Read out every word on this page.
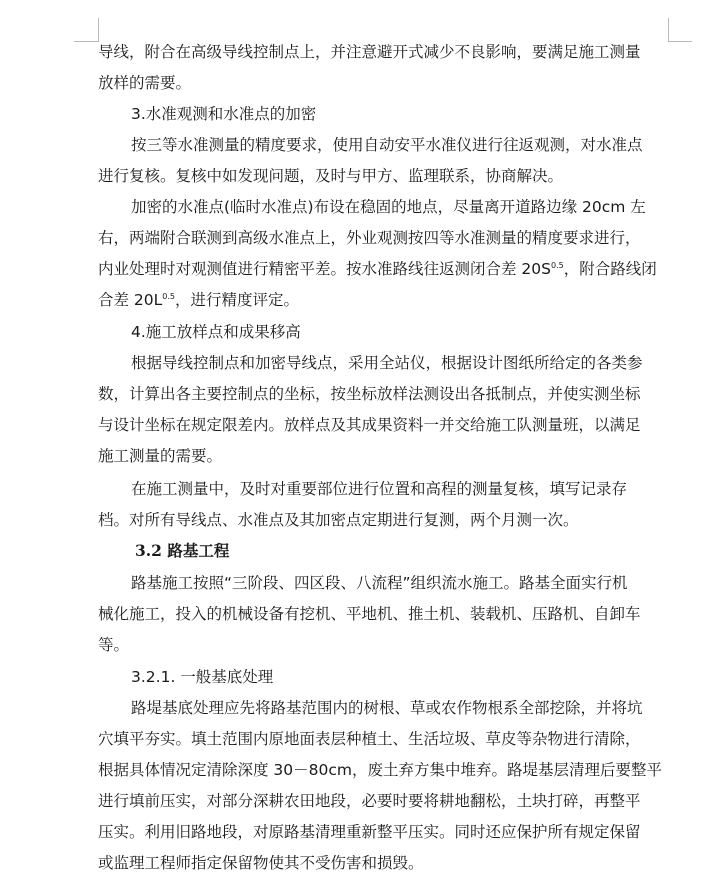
导线，附合在高级导线控制点上，并注意避开式减少不良影响，要满足施工测量
放样的需要。
3.水准观测和水准点的加密
按三等水准测量的精度要求，使用自动安平水准仪进行往返观测，对水准点
进行复核。复核中如发现问题，及时与甲方、监理联系，协商解决。
加密的水准点(临时水准点)布设在稳固的地点，尽量离开道路边缘 20cm 左
右，两端附合联测到高级水准点上，外业观测按四等水准测量的精度要求进行，
内业处理时对观测值进行精密平差。按水准路线往返测闭合差 $20S^{0.5}$，附合路线闭
合差 $20L^{0.5}$，进行精度评定。
4.施工放样点和成果移高
根据导线控制点和加密导线点，采用全站仪，根据设计图纸所给定的各类参
数，计算出各主要控制点的坐标，按坐标放样法测设出各抵制点，并使实测坐标
与设计坐标在规定限差内。放样点及其成果资料一并交给施工队测量班，以满足
施工测量的需要。
在施工测量中，及时对重要部位进行位置和高程的测量复核，填写记录存
档。对所有导线点、水准点及其加密点定期进行复测，两个月测一次。
3.2 路基工程
路基施工按照“三阶段、四区段、八流程”组织流水施工。路基全面实行机
械化施工，投入的机械设备有挖机、平地机、推土机、装载机、压路机、自卸车
等。
3.2.1. 一般基底处理
路堤基底处理应先将路基范围内的树根、草或农作物根系全部挖除，并将坑
穴填平夯实。填土范围内原地面表层种植土、生活垃圾、草皮等杂物进行清除，
根据具体情况定清除深度 30－80cm，废土弃方集中堆弃。路堤基层清理后要整平
进行填前压实，对部分深耕农田地段，必要时要将耕地翻松，土块打碎，再整平
压实。利用旧路地段，对原路基清理重新整平压实。同时还应保护所有规定保留
或监理工程师指定保留物使其不受伤害和损毁。
